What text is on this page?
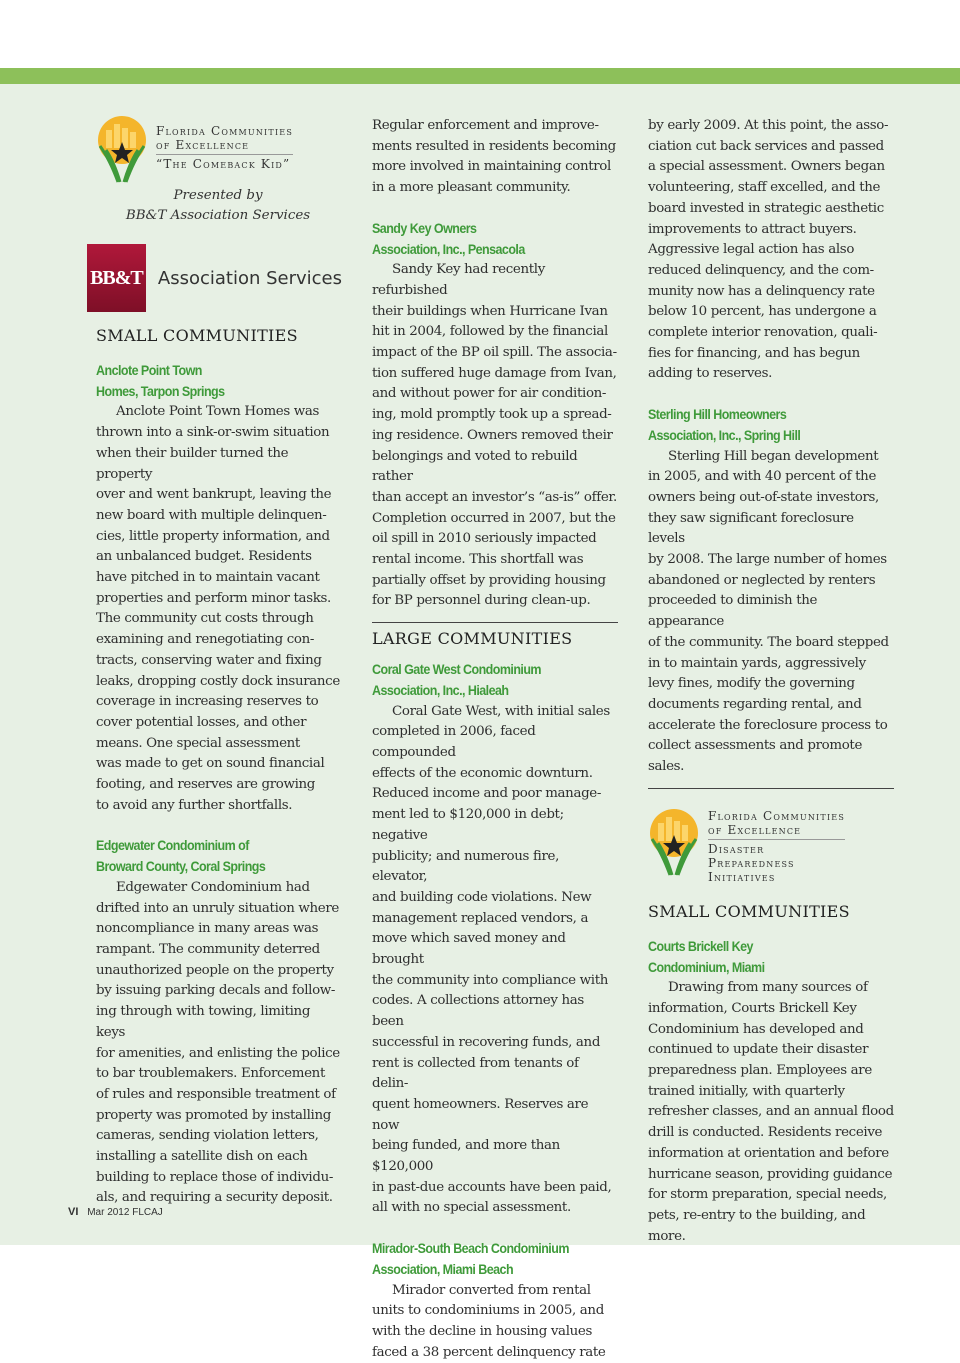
Florida Communities
of Excellence
“The Comeback Kid”
Presented by
BB&T Association Services
BB&T Association Services
SMALL COMMUNITIES
Anclote Point Town
Homes, Tarpon Springs

Anclote Point Town Homes was
thrown into a sink-or-swim situation
when their builder turned the property
over and went bankrupt, leaving the
new board with multiple delinquen-
cies, little property information, and
an unbalanced budget. Residents
have pitched in to maintain vacant
properties and perform minor tasks.
The community cut costs through
examining and renegotiating con-
tracts, conserving water and fixing
leaks, dropping costly dock insurance
coverage in increasing reserves to
cover potential losses, and other
means. One special assessment
was made to get on sound financial
footing, and reserves are growing
to avoid any further shortfalls.

Edgewater Condominium of
Broward County, Coral Springs

Edgewater Condominium had
drifted into an unruly situation where
noncompliance in many areas was
rampant. The community deterred
unauthorized people on the property
by issuing parking decals and follow-
ing through with towing, limiting keys
for amenities, and enlisting the police
to bar troublemakers. Enforcement
of rules and responsible treatment of
property was promoted by installing
cameras, sending violation letters,
installing a satellite dish on each
building to replace those of individu-
als, and requiring a security deposit.

Regular enforcement and improve-
ments resulted in residents becoming
more involved in maintaining control
in a more pleasant community.

Sandy Key Owners
Association, Inc., Pensacola

Sandy Key had recently refurbished
their buildings when Hurricane Ivan
hit in 2004, followed by the financial
impact of the BP oil spill. The associa-
tion suffered huge damage from Ivan,
and without power for air condition-
ing, mold promptly took up a spread-
ing residence. Owners removed their
belongings and voted to rebuild rather
than accept an investor’s “as-is” offer.
Completion occurred in 2007, but the
oil spill in 2010 seriously impacted
rental income. This shortfall was
partially offset by providing housing
for BP personnel during clean-up.

LARGE COMMUNITIES
Coral Gate West Condominium
Association, Inc., Hialeah

Coral Gate West, with initial sales
completed in 2006, faced compounded
effects of the economic downturn.
Reduced income and poor manage-
ment led to $120,000 in debt; negative
publicity; and numerous fire, elevator,
and building code violations. New
management replaced vendors, a
move which saved money and brought
the community into compliance with
codes. A collections attorney has been
successful in recovering funds, and
rent is collected from tenants of delin-
quent homeowners. Reserves are now
being funded, and more than $120,000
in past-due accounts have been paid,
all with no special assessment.

Mirador-South Beach Condominium
Association, Miami Beach

Mirador converted from rental
units to condominiums in 2005, and
with the decline in housing values
faced a 38 percent delinquency rate

by early 2009. At this point, the asso-
ciation cut back services and passed
a special assessment. Owners began
volunteering, staff excelled, and the
board invested in strategic aesthetic
improvements to attract buyers.
Aggressive legal action has also
reduced delinquency, and the com-
munity now has a delinquency rate
below 10 percent, has undergone a
complete interior renovation, quali-
fies for financing, and has begun
adding to reserves.

Sterling Hill Homeowners
Association, Inc., Spring Hill

Sterling Hill began development
in 2005, and with 40 percent of the
owners being out-of-state investors,
they saw significant foreclosure levels
by 2008. The large number of homes
abandoned or neglected by renters
proceeded to diminish the appearance
of the community. The board stepped
in to maintain yards, aggressively
levy fines, modify the governing
documents regarding rental, and
accelerate the foreclosure process to
collect assessments and promote sales.

Florida Communities
of Excellence
Disaster
Preparedness
Initiatives
SMALL COMMUNITIES
Courts Brickell Key
Condominium, Miami

Drawing from many sources of
information, Courts Brickell Key
Condominium has developed and
continued to update their disaster
preparedness plan. Employees are
trained initially, with quarterly
refresher classes, and an annual flood
drill is conducted. Residents receive
information at orientation and before
hurricane season, providing guidance
for storm preparation, special needs,
pets, re-entry to the building, and more.

VI Mar 2012 FLCAJ
